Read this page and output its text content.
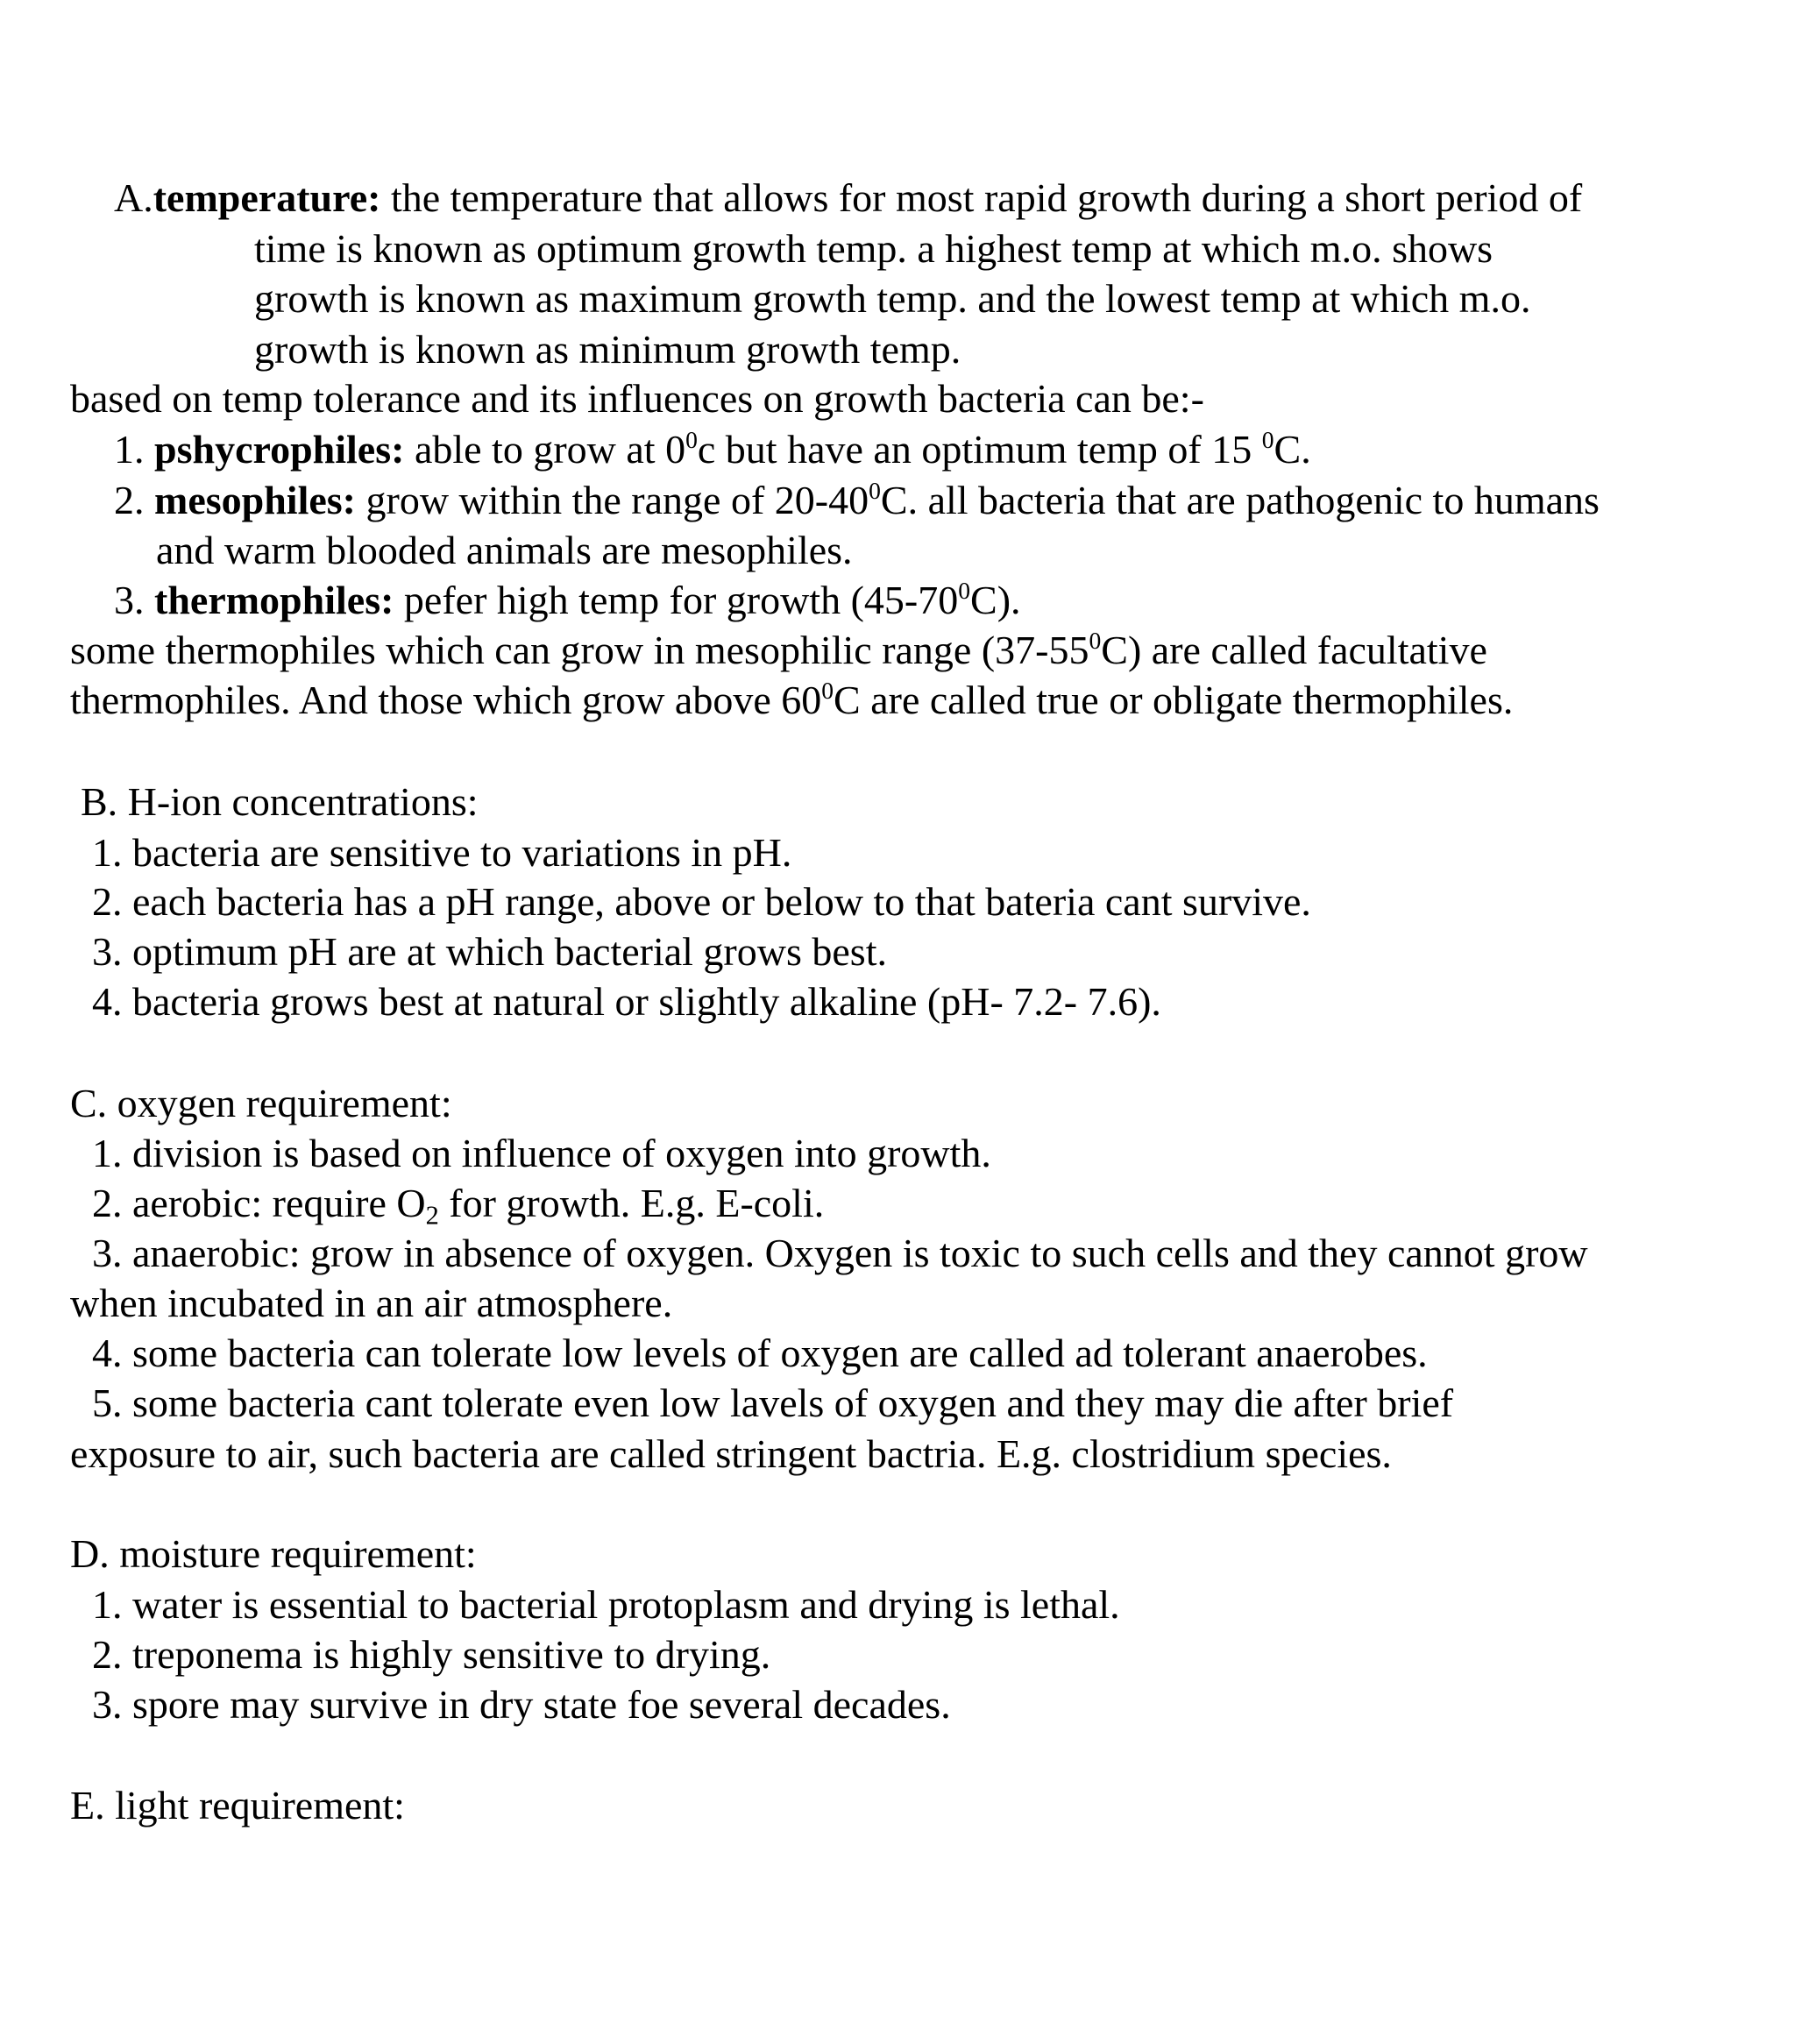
A.temperature: the temperature that allows for most rapid growth during a short period of
time is known as optimum growth temp. a highest temp at which m.o. shows
growth is known as maximum growth temp. and the lowest temp at which m.o.
growth is known as minimum growth temp.
based on temp tolerance and its influences on growth bacteria can be:-
1. pshycrophiles: able to grow at $0^0c$ but have an optimum temp of 15 $^0$C.
2. mesophiles: grow within the range of $20-40^0C$. all bacteria that are pathogenic to humans
and warm blooded animals are mesophiles.
3. thermophiles: pefer high temp for growth $(45-70^0C)$.
some thermophiles which can grow in mesophilic range $(37-55^0C)$ are called facultative
thermophiles. And those which grow above $60^0C$ are called true or obligate thermophiles.
B. H-ion concentrations:
1. bacteria are sensitive to variations in pH.
2. each bacteria has a pH range, above or below to that bateria cant survive.
3. optimum pH are at which bacterial grows best.
4. bacteria grows best at natural or slightly alkaline (pH- 7.2- 7.6).
C. oxygen requirement:
1. division is based on influence of oxygen into growth.
2. aerobic: require $O_2$ for growth. E.g. E-coli.
3. anaerobic: grow in absence of oxygen. Oxygen is toxic to such cells and they cannot grow
when incubated in an air atmosphere.
4. some bacteria can tolerate low levels of oxygen are called ad tolerant anaerobes.
5. some bacteria cant tolerate even low lavels of oxygen and they may die after brief
exposure to air, such bacteria are called stringent bactria. E.g. clostridium species.
D. moisture requirement:
1. water is essential to bacterial protoplasm and drying is lethal.
2. treponema is highly sensitive to drying.
3. spore may survive in dry state foe several decades.
E. light requirement:
